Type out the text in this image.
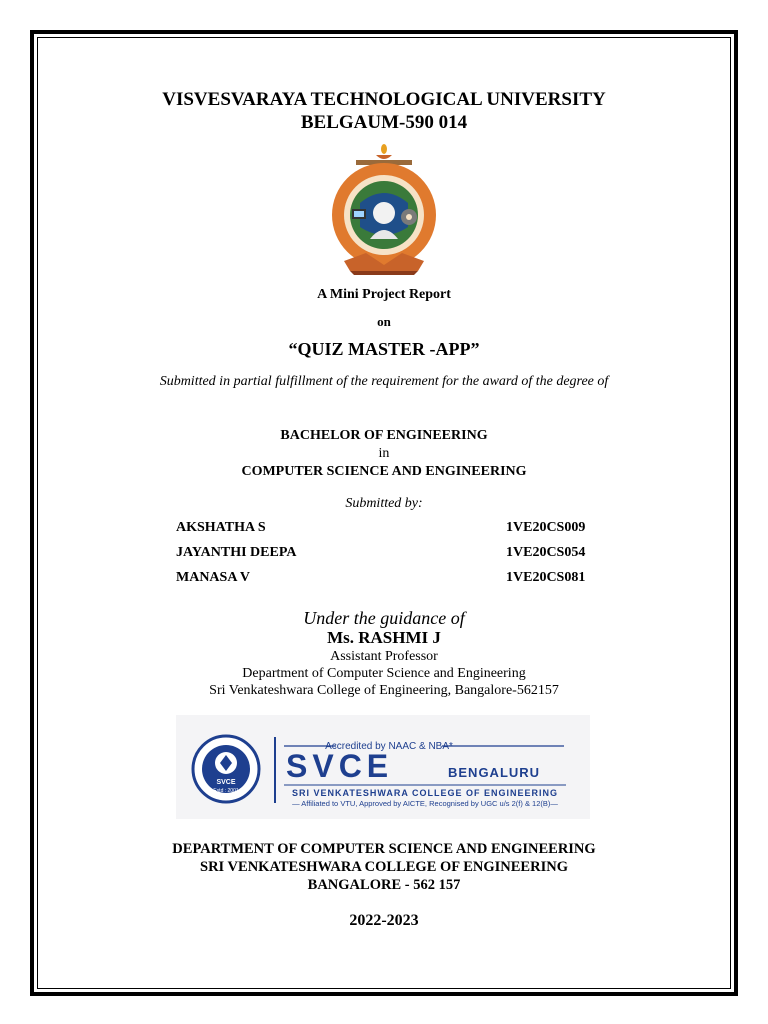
VISVESVARAYA TECHNOLOGICAL UNIVERSITY
BELGAUM-590 014
A Mini Project Report
on
“QUIZ MASTER -APP”
Submitted in partial fulfillment of the requirement for the award of the degree of
BACHELOR OF ENGINEERING
in
COMPUTER SCIENCE AND ENGINEERING
Submitted by:
AKSHATHA S	1VE20CS009
JAYANTHI DEEPA	1VE20CS054
MANASA V	1VE20CS081
Under the guidance of
Ms. RASHMI J
Assistant Professor
Department of Computer Science and Engineering
Sri Venkateshwara College of Engineering, Bangalore-562157
SVCE
Estd : 2001
Accredited by NAAC & NBA*
SVCE	BENGALURU
SRI VENKATESHWARA COLLEGE OF ENGINEERING
— Affiliated to VTU, Approved by AICTE, Recognised by UGC u/s 2(f) & 12(B)—
DEPARTMENT OF COMPUTER SCIENCE AND ENGINEERING
SRI VENKATESHWARA COLLEGE OF ENGINEERING
BANGALORE - 562 157
2022-2023
